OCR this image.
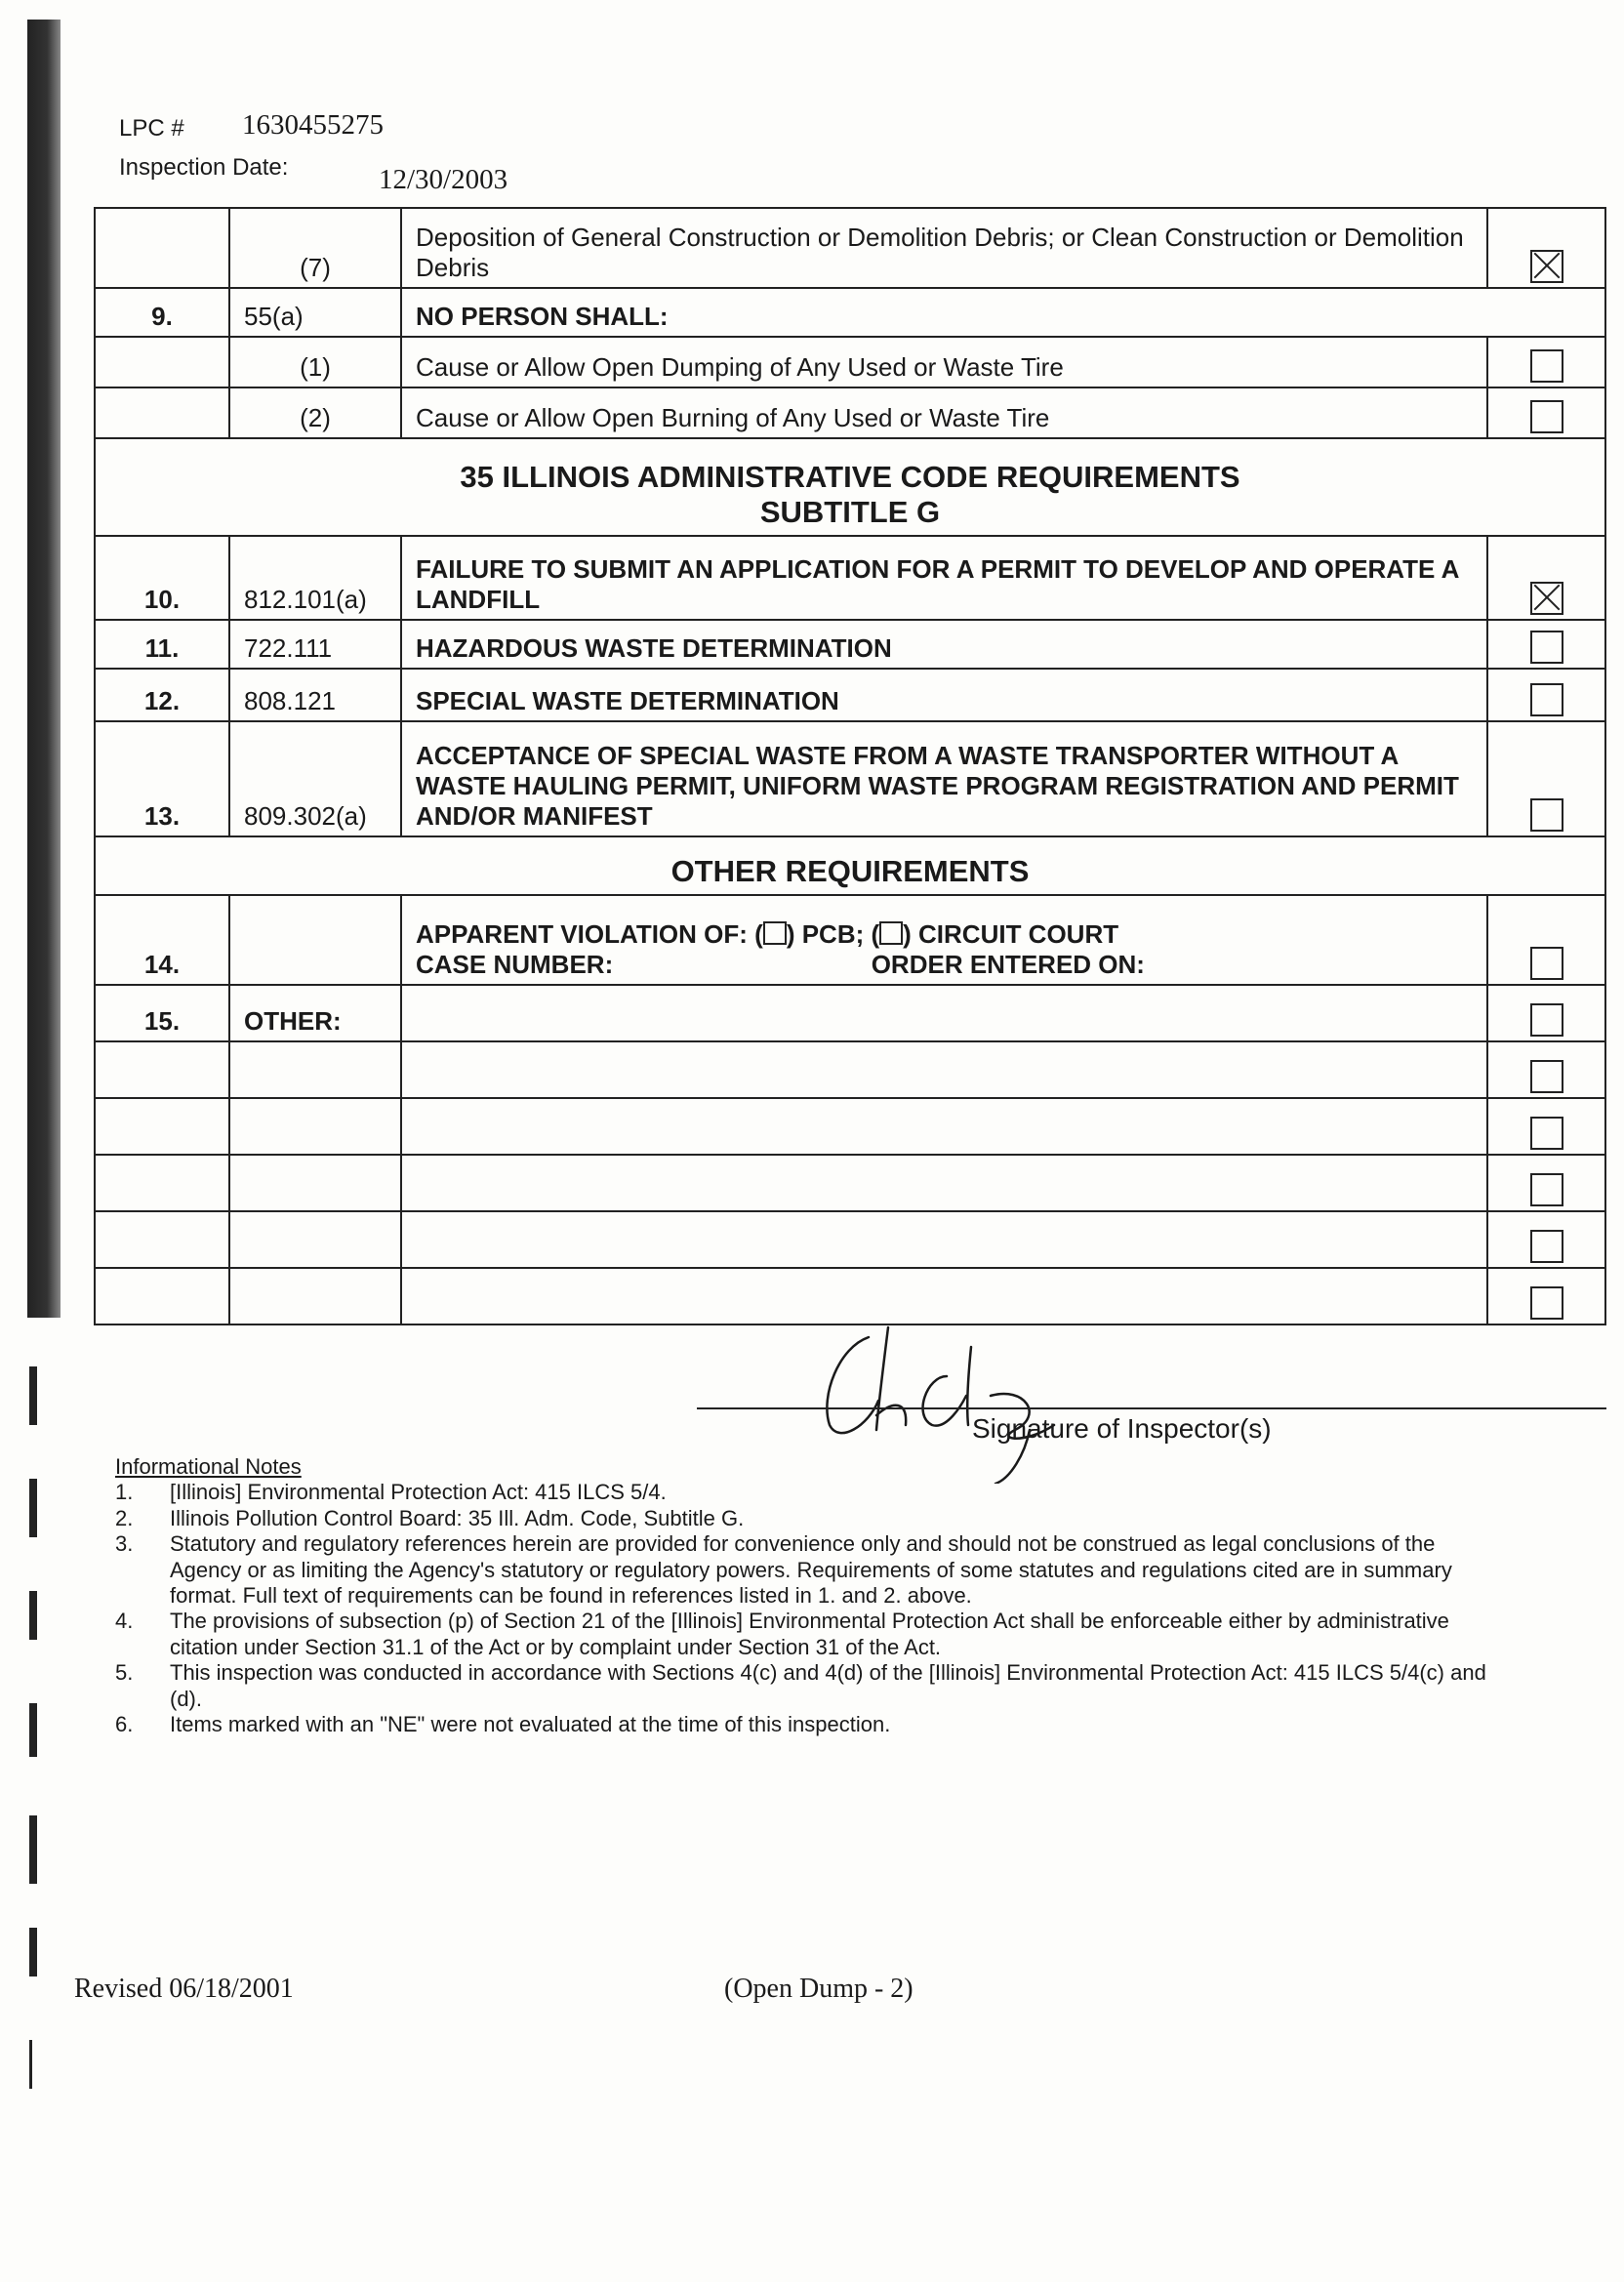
LPC # 1630455275
Inspection Date:	12/30/2003
	(7)	Deposition of General Construction or Demolition Debris; or Clean Construction or Demolition Debris	
9.	55(a)	NO PERSON SHALL:	
	(1)	Cause or Allow Open Dumping of Any Used or Waste Tire	
	(2)	Cause or Allow Open Burning of Any Used or Waste Tire	

35 ILLINOIS ADMINISTRATIVE CODE REQUIREMENTS
SUBTITLE G			

10.	812.101(a)	FAILURE TO SUBMIT AN APPLICATION FOR A PERMIT TO DEVELOP AND OPERATE A LANDFILL	
11.	722.111	HAZARDOUS WASTE DETERMINATION	
12.	808.121	SPECIAL WASTE DETERMINATION	
13.	809.302(a)	ACCEPTANCE OF SPECIAL WASTE FROM A WASTE TRANSPORTER WITHOUT A WASTE HAULING PERMIT, UNIFORM WASTE PROGRAM REGISTRATION AND PERMIT AND/OR MANIFEST	
OTHER REQUIREMENTS			
14.		APPARENT VIOLATION OF: ( ) PCB; ( ) CIRCUIT COURT
CASE NUMBER: ORDER ENTERED ON:	

15.	OTHER:		

Signature of Inspector(s)
Informational Notes
1.	[Illinois] Environmental Protection Act: 415 ILCS 5/4.
2.	Illinois Pollution Control Board: 35 Ill. Adm. Code, Subtitle G.
3.	Statutory and regulatory references herein are provided for convenience only and should not be construed as legal conclusions of the Agency or as limiting the Agency's statutory or regulatory powers. Requirements of some statutes and regulations cited are in summary format. Full text of requirements can be found in references listed in 1. and 2. above.
4.	The provisions of subsection (p) of Section 21 of the [Illinois] Environmental Protection Act shall be enforceable either by administrative citation under Section 31.1 of the Act or by complaint under Section 31 of the Act.
5.	This inspection was conducted in accordance with Sections 4(c) and 4(d) of the [Illinois] Environmental Protection Act: 415 ILCS 5/4(c) and (d).
6.	Items marked with an "NE" were not evaluated at the time of this inspection.
Revised 06/18/2001	(Open Dump - 2)
